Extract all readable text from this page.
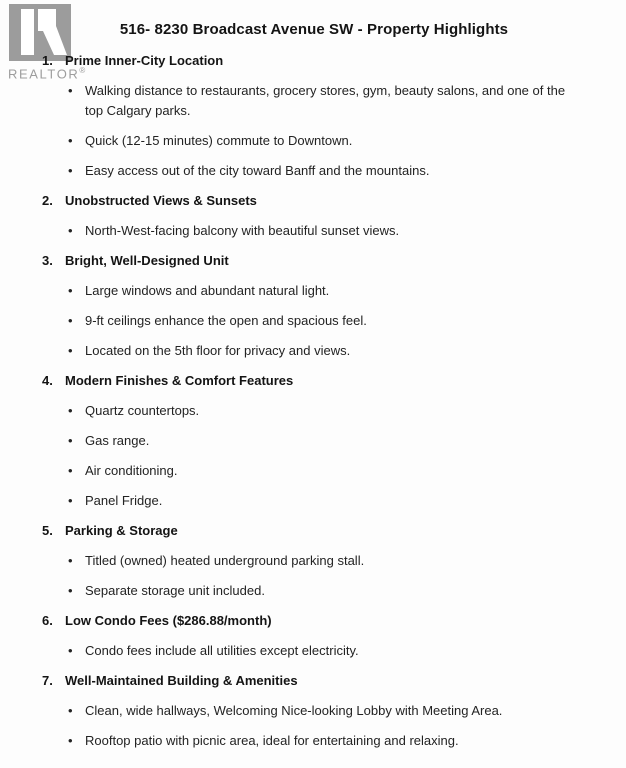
REALTOR®
516- 8230 Broadcast Avenue SW - Property Highlights
1. Prime Inner-City Location
• Walking distance to restaurants, grocery stores, gym, beauty salons, and one of the top Calgary parks.
• Quick (12-15 minutes) commute to Downtown.
• Easy access out of the city toward Banff and the mountains.
2. Unobstructed Views & Sunsets
• North-West-facing balcony with beautiful sunset views.
3. Bright, Well-Designed Unit
• Large windows and abundant natural light.
• 9-ft ceilings enhance the open and spacious feel.
• Located on the 5th floor for privacy and views.
4. Modern Finishes & Comfort Features
• Quartz countertops.
• Gas range.
• Air conditioning.
• Panel Fridge.
5. Parking & Storage
• Titled (owned) heated underground parking stall.
• Separate storage unit included.
6. Low Condo Fees ($286.88/month)
• Condo fees include all utilities except electricity.
7. Well-Maintained Building & Amenities
• Clean, wide hallways, Welcoming Nice-looking Lobby with Meeting Area.
• Rooftop patio with picnic area, ideal for entertaining and relaxing.
